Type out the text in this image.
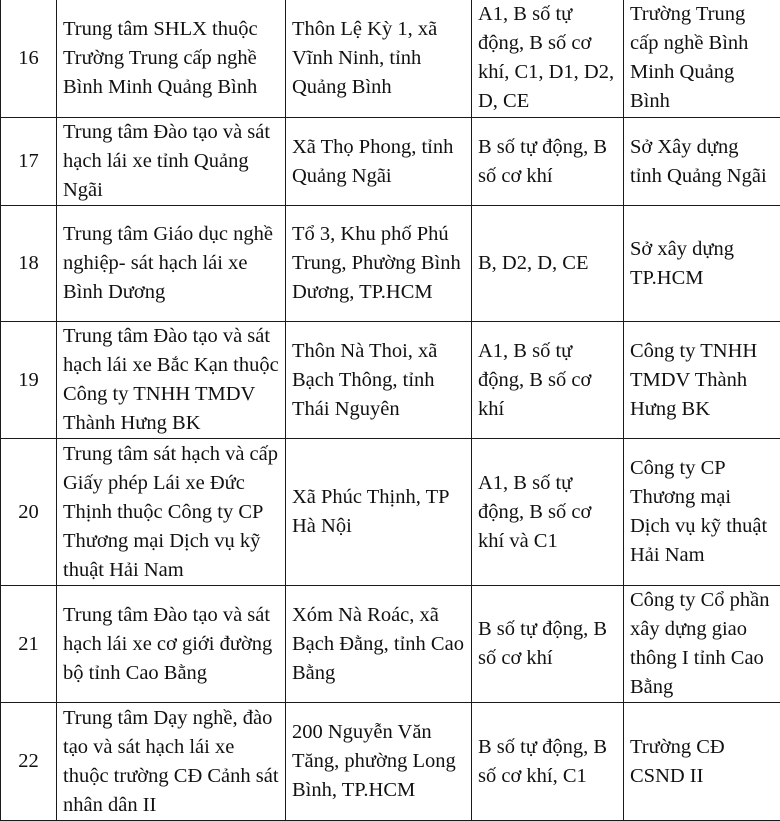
16	Trung tâm SHLX thuộc Trường Trung cấp nghề Bình Minh Quảng Bình	Thôn Lệ Kỳ 1, xã Vĩnh Ninh, tỉnh Quảng Bình	A1, B số tự động, B số cơ khí, C1, D1, D2, D, CE	Trường Trung cấp nghề Bình Minh Quảng Bình
17	Trung tâm Đào tạo và sát hạch lái xe tỉnh Quảng Ngãi	Xã Thọ Phong, tỉnh Quảng Ngãi	B số tự động, B số cơ khí	Sở Xây dựng tỉnh Quảng Ngãi
18	Trung tâm Giáo dục nghề nghiệp- sát hạch lái xe Bình Dương	Tổ 3, Khu phố Phú Trung, Phường Bình Dương, TP.HCM	B, D2, D, CE	Sở xây dựng TP.HCM
19	Trung tâm Đào tạo và sát hạch lái xe Bắc Kạn thuộc Công ty TNHH TMDV Thành Hưng BK	Thôn Nà Thoi, xã Bạch Thông, tỉnh Thái Nguyên	A1, B số tự động, B số cơ khí	Công ty TNHH TMDV Thành Hưng BK
20	Trung tâm sát hạch và cấp Giấy phép Lái xe Đức Thịnh thuộc Công ty CP Thương mại Dịch vụ kỹ thuật Hải Nam	Xã Phúc Thịnh, TP Hà Nội	A1, B số tự động, B số cơ khí và C1	Công ty CP Thương mại Dịch vụ kỹ thuật Hải Nam
21	Trung tâm Đào tạo và sát hạch lái xe cơ giới đường bộ tỉnh Cao Bằng	Xóm Nà Roác, xã Bạch Đằng, tỉnh Cao Bằng	B số tự động, B số cơ khí	Công ty Cổ phần xây dựng giao thông I tỉnh Cao Bằng
22	Trung tâm Dạy nghề, đào tạo và sát hạch lái xe thuộc trường CĐ Cảnh sát nhân dân II	200 Nguyễn Văn Tăng, phường Long Bình, TP.HCM	B số tự động, B số cơ khí, C1	Trường CĐ CSND II
